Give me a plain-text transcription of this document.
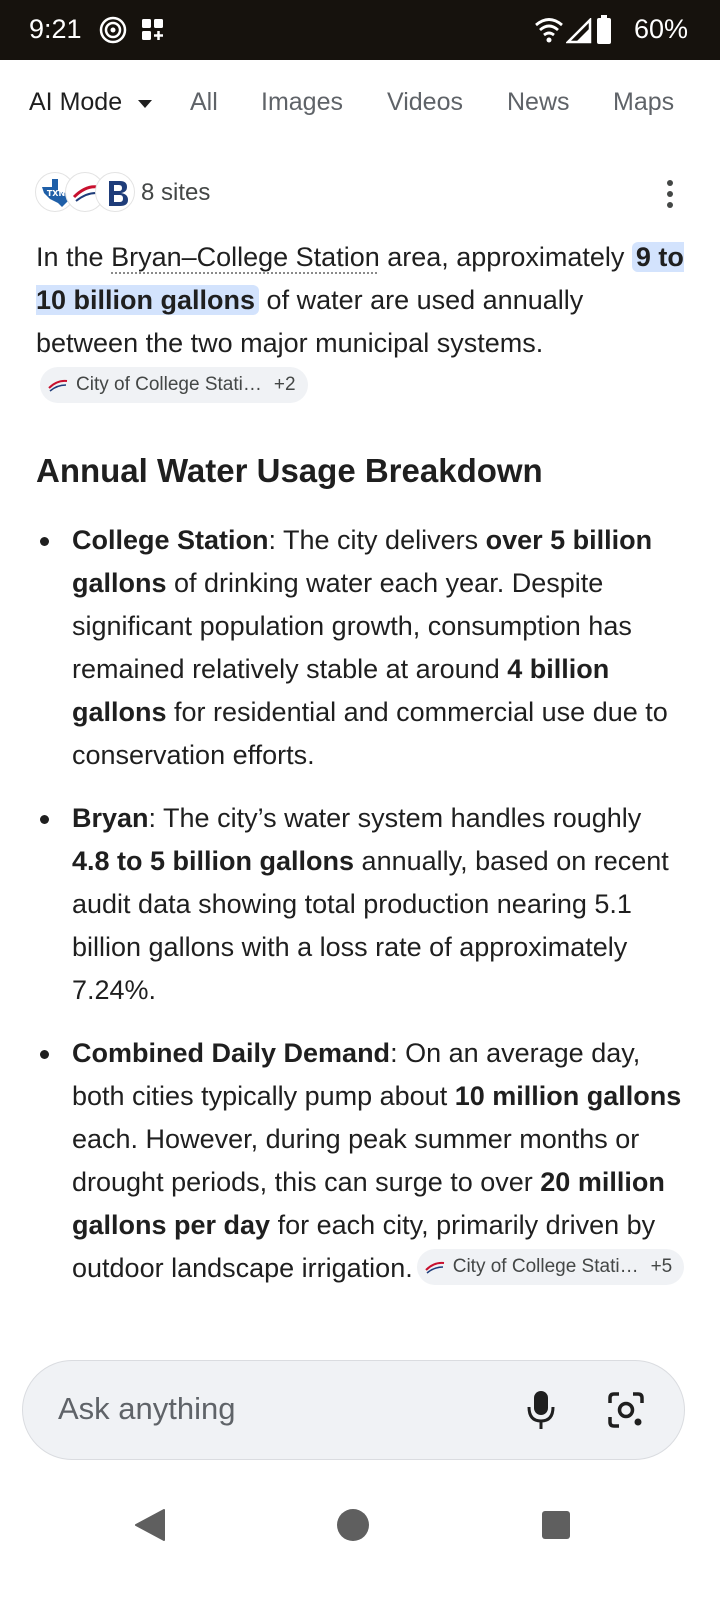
9:21	60%
AI Mode	All Images Videos News Maps
TXN	8 sites

In the Bryan–College Station area, approximately 9 to 10 billion gallons of water are used annually between the two major municipal systems.
City of College Stati… +2

Annual Water Usage Breakdown
College Station: The city delivers over 5 billion gallons of drinking water each year. Despite significant population growth, consumption has remained relatively stable at around 4 billion gallons for residential and commercial use due to conservation efforts.
Bryan: The city’s water system handles roughly 4.8 to 5 billion gallons annually, based on recent audit data showing total production nearing 5.1 billion gallons with a loss rate of approximately 7.24%.
Combined Daily Demand: On an average day, both cities typically pump about 10 million gallons each. However, during peak summer months or drought periods, this can surge to over 20 million gallons per day for each city, primarily driven by outdoor landscape irrigation. City of College Stati… +5
Ask anything
